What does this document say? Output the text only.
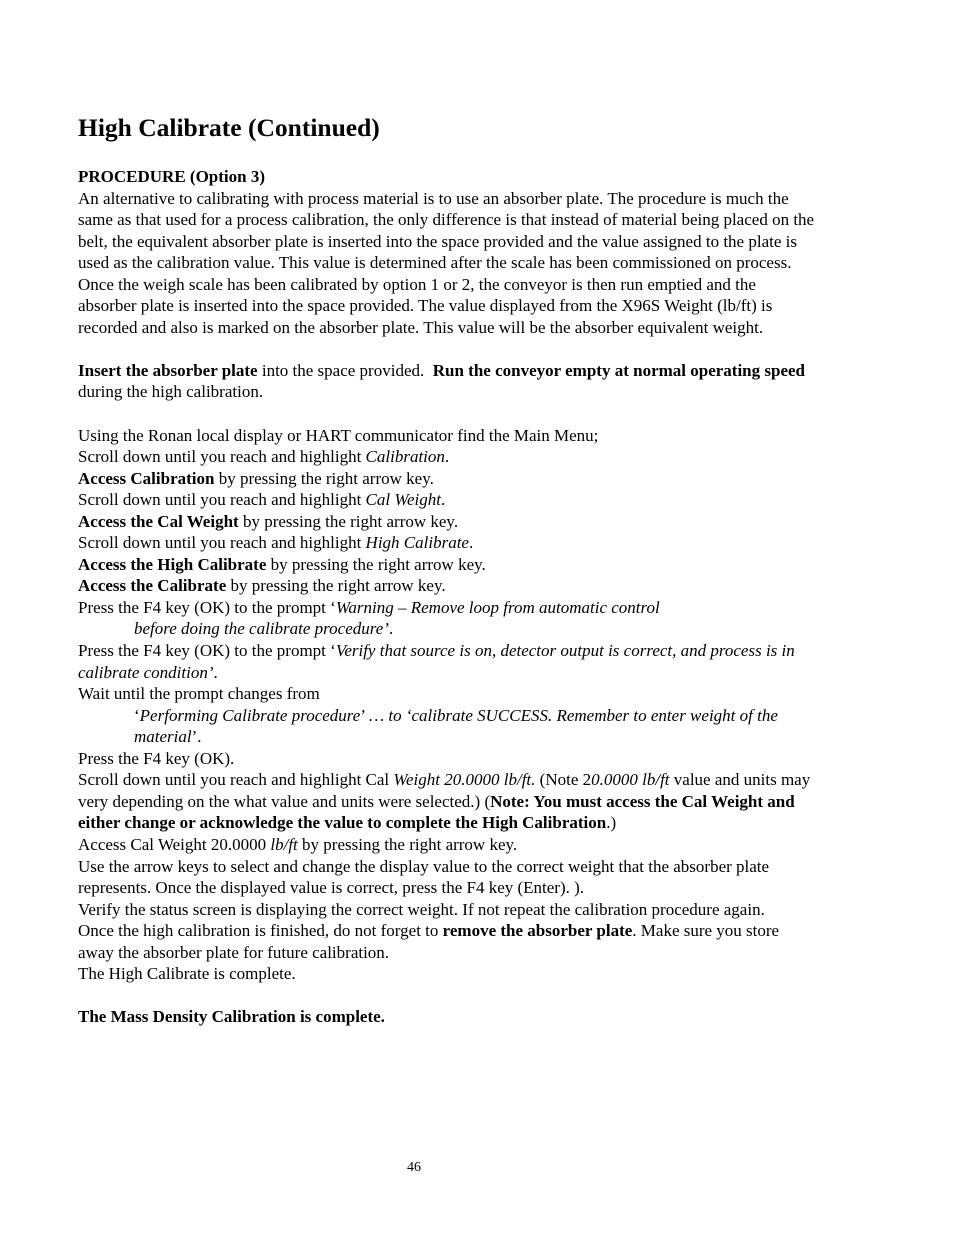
High Calibrate (Continued)
PROCEDURE (Option 3)
An alternative to calibrating with process material is to use an absorber plate. The procedure is much the
same as that used for a process calibration, the only difference is that instead of material being placed on the
belt, the equivalent absorber plate is inserted into the space provided and the value assigned to the plate is
used as the calibration value. This value is determined after the scale has been commissioned on process.
Once the weigh scale has been calibrated by option 1 or 2, the conveyor is then run emptied and the
absorber plate is inserted into the space provided. The value displayed from the X96S Weight (lb/ft) is
recorded and also is marked on the absorber plate. This value will be the absorber equivalent weight.
Insert the absorber plate into the space provided.  Run the conveyor empty at normal operating speed
during the high calibration.
Using the Ronan local display or HART communicator find the Main Menu;
Scroll down until you reach and highlight Calibration.
Access Calibration by pressing the right arrow key.
Scroll down until you reach and highlight Cal Weight.
Access the Cal Weight by pressing the right arrow key.
Scroll down until you reach and highlight High Calibrate.
Access the High Calibrate by pressing the right arrow key.
Access the Calibrate by pressing the right arrow key.
Press the F4 key (OK) to the prompt ‘Warning – Remove loop from automatic control
before doing the calibrate procedure’.
Press the F4 key (OK) to the prompt ‘Verify that source is on, detector output is correct, and process is in
calibrate condition’.
Wait until the prompt changes from
‘Performing Calibrate procedure’ … to ‘calibrate SUCCESS. Remember to enter weight of the
material’.
Press the F4 key (OK).
Scroll down until you reach and highlight Cal Weight 20.0000 lb/ft. (Note 20.0000 lb/ft value and units may
very depending on the what value and units were selected.) (Note: You must access the Cal Weight and
either change or acknowledge the value to complete the High Calibration.)
Access Cal Weight 20.0000 lb/ft by pressing the right arrow key.
Use the arrow keys to select and change the display value to the correct weight that the absorber plate
represents. Once the displayed value is correct, press the F4 key (Enter). ).
Verify the status screen is displaying the correct weight. If not repeat the calibration procedure again.
Once the high calibration is finished, do not forget to remove the absorber plate. Make sure you store
away the absorber plate for future calibration.
The High Calibrate is complete.
The Mass Density Calibration is complete.
46
